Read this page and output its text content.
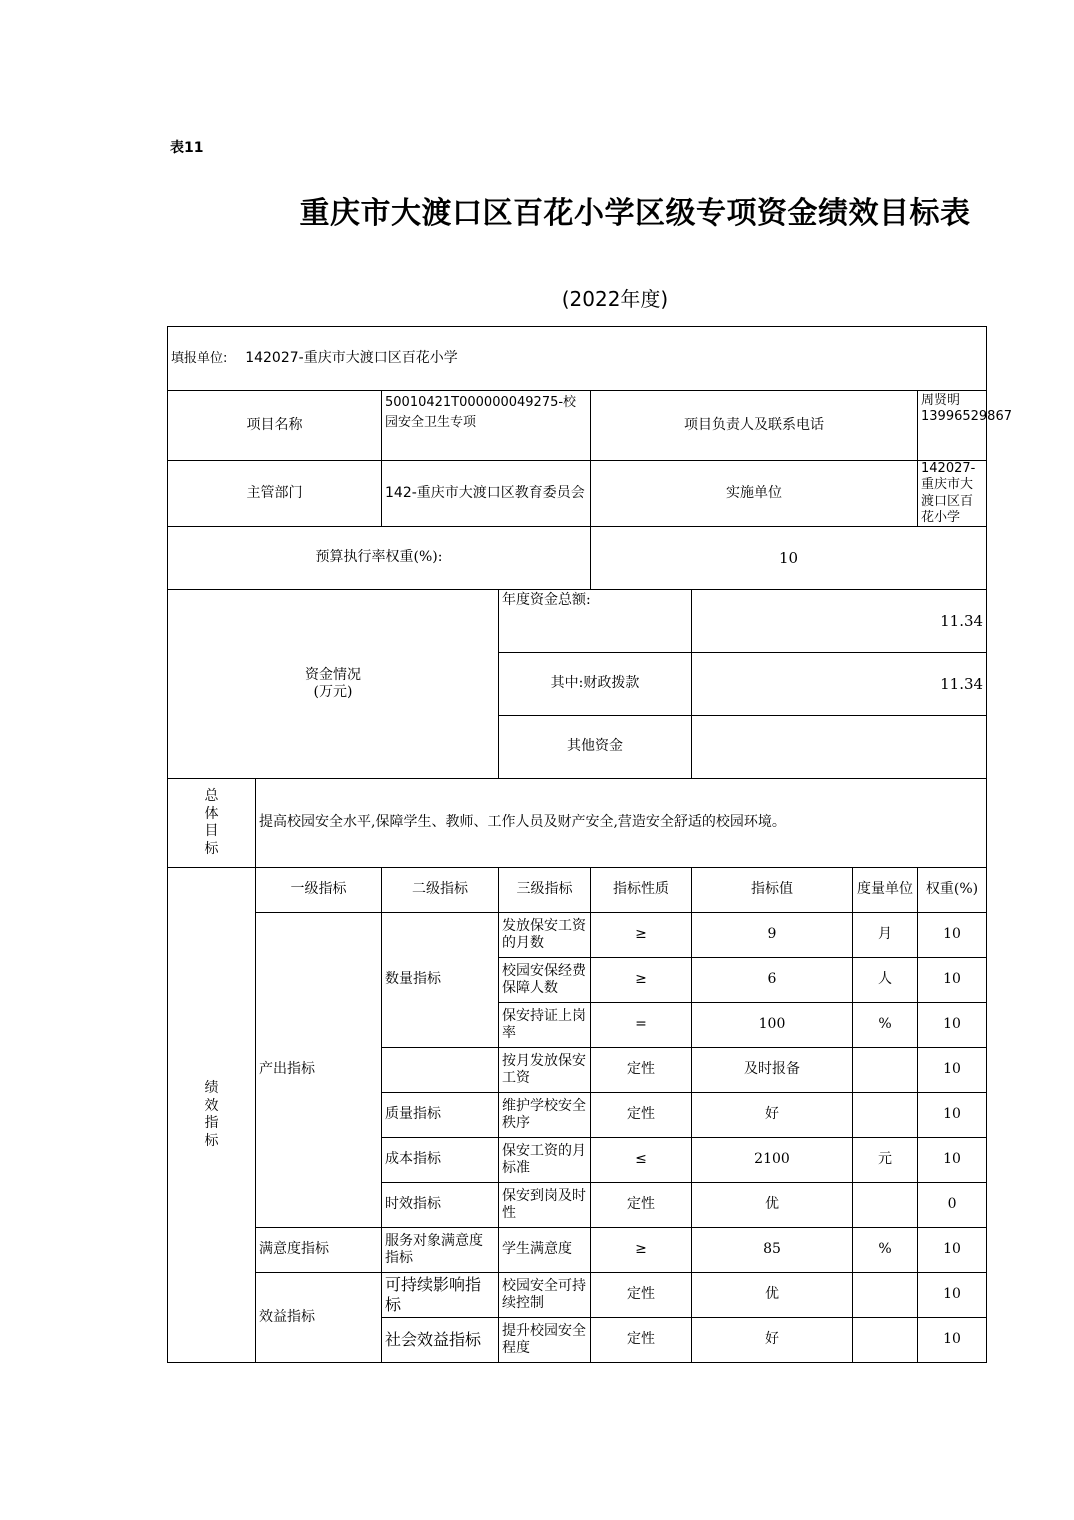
表11
重庆市大渡口区百花小学区级专项资金绩效目标表
(2022年度)
填报单位: 142027-重庆市大渡口区百花小学							
项目名称		50010421T000000049275-校园安全卫生专项		项目负责人及联系电话			周贤明
13996529867

主管部门		142-重庆市大渡口区教育委员会		实施单位			142027-重庆市大渡口区百花小学
预算执行率权重(%):				10			

资金情况
(万元)			年度资金总额:		11.34		
			其中:财政拨款		11.34		
			其他资金				
总体目标	提高校园安全水平,保障学生、教师、工作人员及财产安全,营造安全舒适的校园环境。						
绩效指标	一级指标	二级指标	三级指标	指标性质	指标值	度量单位	权重(%)
	产出指标	数量指标	发放保安工资的月数	≥	9	月	10
			校园安保经费保障人数	≥	6	人	10
			保安持证上岗率	=	100	%	10
			按月发放保安工资	定性	及时报备		10
		质量指标	维护学校安全秩序	定性	好		10
		成本指标	保安工资的月标准	≤	2100	元	10
		时效指标	保安到岗及时性	定性	优		0
	满意度指标	服务对象满意度指标	学生满意度	≥	85	%	10
	效益指标	可持续影响指标	校园安全可持续控制	定性	优		10
		社会效益指标	提升校园安全程度	定性	好		10
